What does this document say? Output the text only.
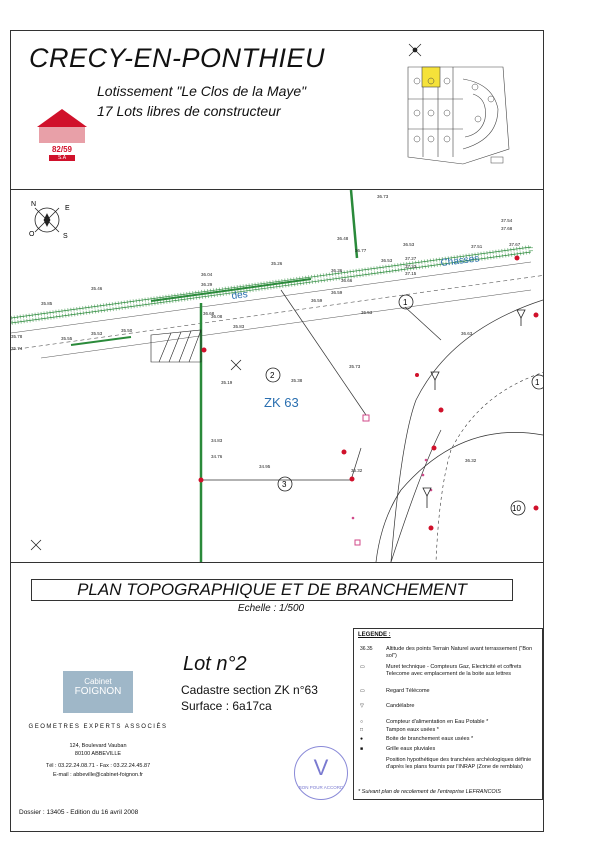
CRECY-EN-PONTHIEU
Lotissement "Le Clos de la Maye"
17 Lots libres de constructeur
82/59
S.A
N
E
S
O
des
Chasses
ZK 63
1
2
3
10
1
36.73
36.48
36.77
36.53
37.54
37.68
37.67
35.26
36.53	37.27
37.23
37.15
37.51
35.46
36.36
36.66
36.59
36.04
36.29
36.59
36.68
35.85
36.53
35.55
35.50
35.53
35.74
35.78
36.08
35.83
35.73
35.19	35.38
34.83
34.76
34.95
35.32
36.63
36.32
PLAN TOPOGRAPHIQUE ET DE BRANCHEMENT
Echelle : 1/500
Lot n°2
Cadastre section ZK n°63
Surface : 6a17ca
LEGENDE :
36.35	Altitude des points Terrain Naturel avant terrassement ("Bon sol")
▭	Muret technique - Compteurs Gaz, Electricité et coffrets Telecome avec emplacement de la boite aux lettres
▭	Regard Télécome
▽	Candélabre
○	Compteur d'alimentation en Eau Potable *
□	Tampon eaux usées *
●	Boite de branchement eaux usées *
■	Grille eaux pluviales
Position hypothétique des tranchées archéologiques définie d'après les plans fournis par l'INRAP (Zone de remblais)
* Suivant plan de recolement de l'entreprise LEFRANCOIS
Cabinet
FOIGNON
GEOMETRES EXPERTS ASSOCIÉS
124, Boulevard Vauban
80100 ABBEVILLE
Tél : 03.22.24.08.71 - Fax : 03.22.24.45.87
E-mail : abbeville@cabinet-foignon.fr
Dossier : 13405 - Edition du 16 avril 2008
V
BON POUR ACCORD
